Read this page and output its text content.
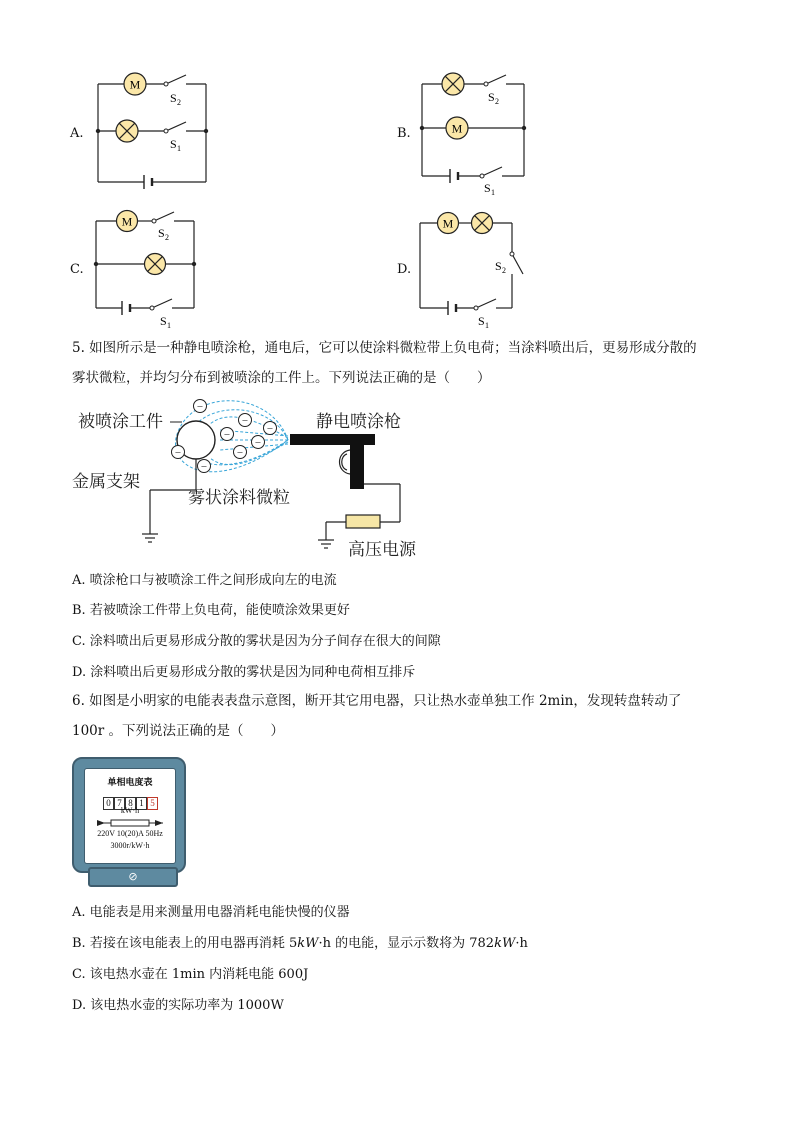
A.
M
S 2
S 1
B.	M
S 2
S 1
C.
M
S 2
S 1
D.
M
S 2
S 1
5. 如图所示是一种静电喷涂枪，通电后，它可以使涂料微粒带上负电荷；当涂料喷出后，更易形成分散的
雾状微粒，并均匀分布到被喷涂的工件上。下列说法正确的是（　　）
被喷涂工件	静电喷涂枪
金属支架
雾状涂料微粒
高压电源
−
−
−
−
−
−
−
−
A. 喷涂枪口与被喷涂工件之间形成向左的电流
B. 若被喷涂工件带上负电荷，能使喷涂效果更好
C. 涂料喷出后更易形成分散的雾状是因为分子间存在很大的间隙
D. 涂料喷出后更易形成分散的雾状是因为同种电荷相互排斥
6. 如图是小明家的电能表表盘示意图，断开其它用电器，只让热水壶单独工作 2min，发现转盘转动了
100r 。下列说法正确的是（　　）
单相电度表
0 7 8 1 5
kW·h
220V 10(20)A 50Hz
3000r/kW·h
⊘
A. 电能表是用来测量用电器消耗电能快慢的仪器
B. 若接在该电能表上的用电器再消耗 5kW·h 的电能，显示示数将为 782kW·h
C. 该电热水壶在 1min 内消耗电能 600J
D. 该电热水壶的实际功率为 1000W
